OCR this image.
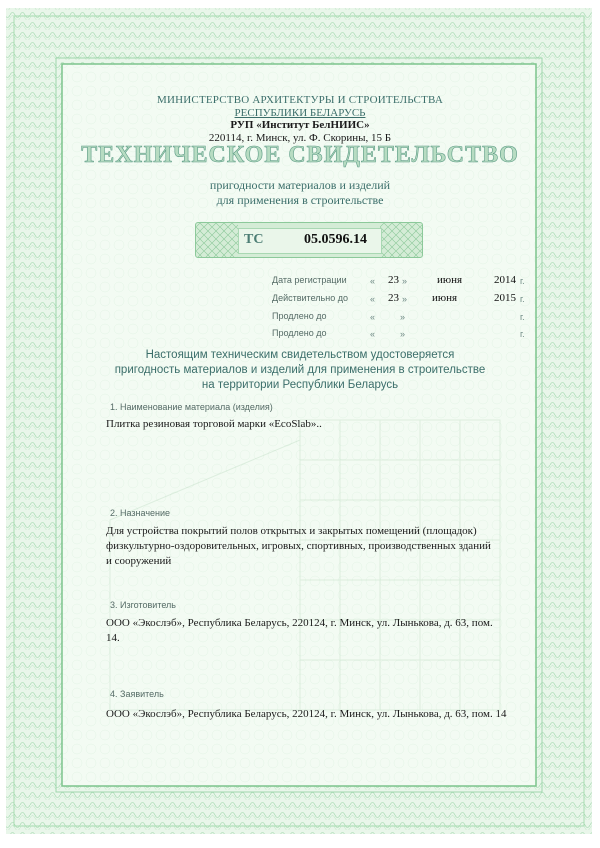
МИНИСТЕРСТВО АРХИТЕКТУРЫ И СТРОИТЕЛЬСТВА
РЕСПУБЛИКИ БЕЛАРУСЬ
РУП «Институт БелНИИС»
220114, г. Минск, ул. Ф. Скорины, 15 Б
ТЕХНИЧЕСКОЕ СВИДЕТЕЛЬСТВО
пригодности материалов и изделий
для применения в строительстве
ТС	05.0596.14
Дата регистрации	« 23 »	июня	2014 г.
Действительно до « 23 » июня	2015 г.
Продлено до	«	»	г.
Продлено до	«	»	г.
Настоящим техническим свидетельством удостоверяется
пригодность материалов и изделий для применения в строительстве
на территории Республики Беларусь
1. Наименование материала (изделия)
Плитка резиновая торговой марки «EcoSlab»..
2. Назначение
Для устройства покрытий полов открытых и закрытых помещений (площадок)
физкультурно-оздоровительных, игровых, спортивных, производственных зданий
и сооружений
3. Изготовитель
ООО «Экослэб», Республика Беларусь, 220124, г. Минск, ул. Лынькова, д. 63, пом.
14.
4. Заявитель
ООО «Экослэб», Республика Беларусь, 220124, г. Минск, ул. Лынькова, д. 63, пом. 14
